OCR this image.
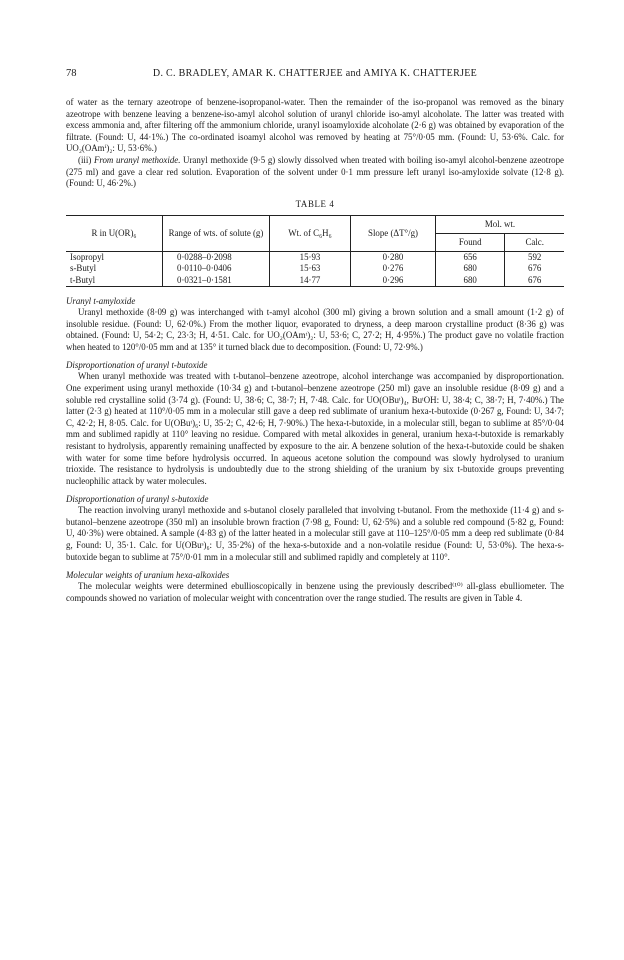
78	D. C. BRADLEY, AMAR K. CHATTERJEE and AMIYA K. CHATTERJEE

of water as the ternary azeotrope of benzene-isopropanol-water. Then the remainder of the iso-propanol was removed as the binary azeotrope with benzene leaving a benzene-iso-amyl alcohol solution of uranyl chloride iso-amyl alcoholate. The latter was treated with excess ammonia and, after filtering off the ammonium chloride, uranyl isoamyloxide alcoholate (2·6 g) was obtained by evaporation of the filtrate. (Found: U, 44·1%.) The co-ordinated isoamyl alcohol was removed by heating at 75°/0·05 mm. (Found: U, 53·6%. Calc. for UO₂(OAmⁱ)₂: U, 53·6%.)

(iii) From uranyl methoxide. Uranyl methoxide (9·5 g) slowly dissolved when treated with boiling iso-amyl alcohol-benzene azeotrope (275 ml) and gave a clear red solution. Evaporation of the solvent under 0·1 mm pressure left uranyl iso-amyloxide solvate (12·8 g). (Found: U, 46·2%.)

TABLE 4
R in U(OR)₆	Range of wts. of solute (g)	Wt. of C₆H₆	Slope (ΔT°/g)	Mol. wt.	
				Found	Calc.
Isopropyl	0·0288–0·2098	15·93	0·280	656	592
s-Butyl	0·0110–0·0406	15·63	0·276	680	676
t-Butyl	0·0321–0·1581	14·77	0·296	680	676
Uranyl t-amyloxide

Uranyl methoxide (8·09 g) was interchanged with t-amyl alcohol (300 ml) giving a brown solution and a small amount (1·2 g) of insoluble residue. (Found: U, 62·0%.) From the mother liquor, evaporated to dryness, a deep maroon crystalline product (8·36 g) was obtained. (Found: U, 54·2; C, 23·3; H, 4·51. Calc. for UO₂(OAmᵗ)₂: U, 53·6; C, 27·2; H, 4·95%.) The product gave no volatile fraction when heated to 120°/0·05 mm and at 135° it turned black due to decomposition. (Found: U, 72·9%.)

Disproportionation of uranyl t-butoxide

When uranyl methoxide was treated with t-butanol–benzene azeotrope, alcohol interchange was accompanied by disproportionation. One experiment using uranyl methoxide (10·34 g) and t-butanol–benzene azeotrope (250 ml) gave an insoluble residue (8·09 g) and a soluble red crystalline solid (3·74 g). (Found: U, 38·6; C, 38·7; H, 7·48. Calc. for UO(OBuᵗ)₄, BuᵗOH: U, 38·4; C, 38·7; H, 7·40%.) The latter (2·3 g) heated at 110°/0·05 mm in a molecular still gave a deep red sublimate of uranium hexa-t-butoxide (0·267 g, Found: U, 34·7; C, 42·2; H, 8·05. Calc. for U(OBuᵗ)₆: U, 35·2; C, 42·6; H, 7·90%.) The hexa-t-butoxide, in a molecular still, began to sublime at 85°/0·04 mm and sublimed rapidly at 110° leaving no residue. Compared with metal alkoxides in general, uranium hexa-t-butoxide is remarkably resistant to hydrolysis, apparently remaining unaffected by exposure to the air. A benzene solution of the hexa-t-butoxide could be shaken with water for some time before hydrolysis occurred. In aqueous acetone solution the compound was slowly hydrolysed to uranium trioxide. The resistance to hydrolysis is undoubtedly due to the strong shielding of the uranium by six t-butoxide groups preventing nucleophilic attack by water molecules.

Disproportionation of uranyl s-butoxide

The reaction involving uranyl methoxide and s-butanol closely paralleled that involving t-butanol. From the methoxide (11·4 g) and s-butanol–benzene azeotrope (350 ml) an insoluble brown fraction (7·98 g, Found: U, 62·5%) and a soluble red compound (5·82 g, Found: U, 40·3%) were obtained. A sample (4·83 g) of the latter heated in a molecular still gave at 110–125°/0·05 mm a deep red sublimate (0·84 g, Found: U, 35·1. Calc. for U(OBuˢ)₆: U, 35·2%) of the hexa-s-butoxide and a non-volatile residue (Found: U, 53·0%). The hexa-s-butoxide began to sublime at 75°/0·01 mm in a molecular still and sublimed rapidly and completely at 110°.

Molecular weights of uranium hexa-alkoxides

The molecular weights were determined ebullioscopically in benzene using the previously described⁽¹⁰⁾ all-glass ebulliometer. The compounds showed no variation of molecular weight with concentration over the range studied. The results are given in Table 4.
